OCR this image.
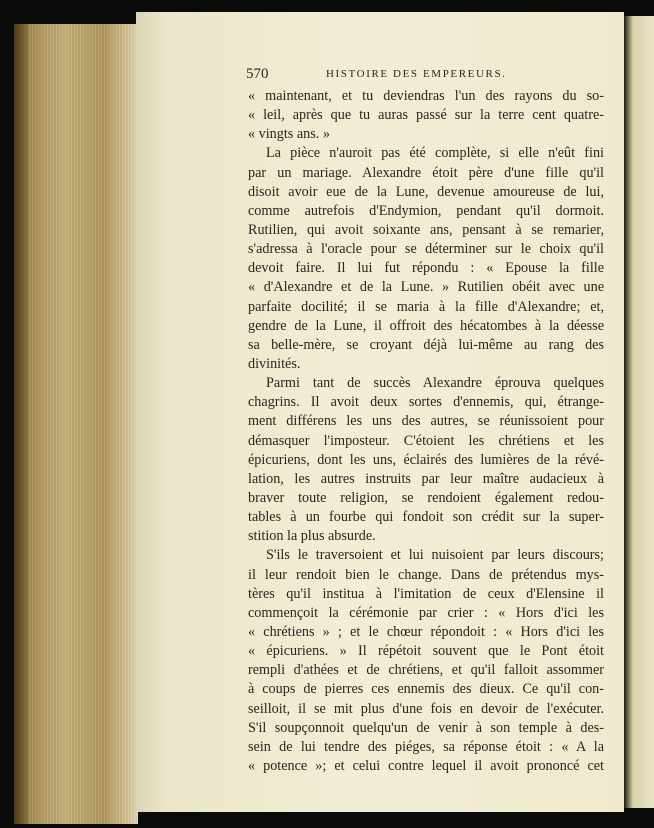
570	HISTOIRE DES EMPEREURS.
« maintenant, et tu deviendras l'un des rayons du so-
« leil, après que tu auras passé sur la terre cent quatre-
« vingts ans. »
La pièce n'auroit pas été complète, si elle n'eût fini
par un mariage. Alexandre étoit père d'une fille qu'il
disoit avoir eue de la Lune, devenue amoureuse de lui,
comme autrefois d'Endymion, pendant qu'il dormoit.
Rutilien, qui avoit soixante ans, pensant à se remarier,
s'adressa à l'oracle pour se déterminer sur le choix qu'il
devoit faire. Il lui fut répondu : « Epouse la fille
« d'Alexandre et de la Lune. » Rutilien obéit avec une
parfaite docilité; il se maria à la fille d'Alexandre; et,
gendre de la Lune, il offroit des hécatombes à la déesse
sa belle-mère, se croyant déjà lui-même au rang des
divinités.
Parmi tant de succès Alexandre éprouva quelques
chagrins. Il avoit deux sortes d'ennemis, qui, étrange-
ment différens les uns des autres, se réunissoient pour
démasquer l'imposteur. C'étoient les chrétiens et les
épicuriens, dont les uns, éclairés des lumières de la révé-
lation, les autres instruits par leur maître audacieux à
braver toute religion, se rendoient également redou-
tables à un fourbe qui fondoit son crédit sur la super-
stition la plus absurde.
S'ils le traversoient et lui nuisoient par leurs discours;
il leur rendoit bien le change. Dans de prétendus mys-
tères qu'il institua à l'imitation de ceux d'Elensine il
commençoit la cérémonie par crier : « Hors d'ici les
« chrétiens » ; et le chœur répondoit : « Hors d'ici les
« épicuriens. » Il répétoit souvent que le Pont étoit
rempli d'athées et de chrétiens, et qu'il falloit assommer
à coups de pierres ces ennemis des dieux. Ce qu'il con-
seilloit, il se mit plus d'une fois en devoir de l'exécuter.
S'il soupçonnoit quelqu'un de venir à son temple à des-
sein de lui tendre des piéges, sa réponse étoit : « A la
« potence »; et celui contre lequel il avoit prononcé cet
